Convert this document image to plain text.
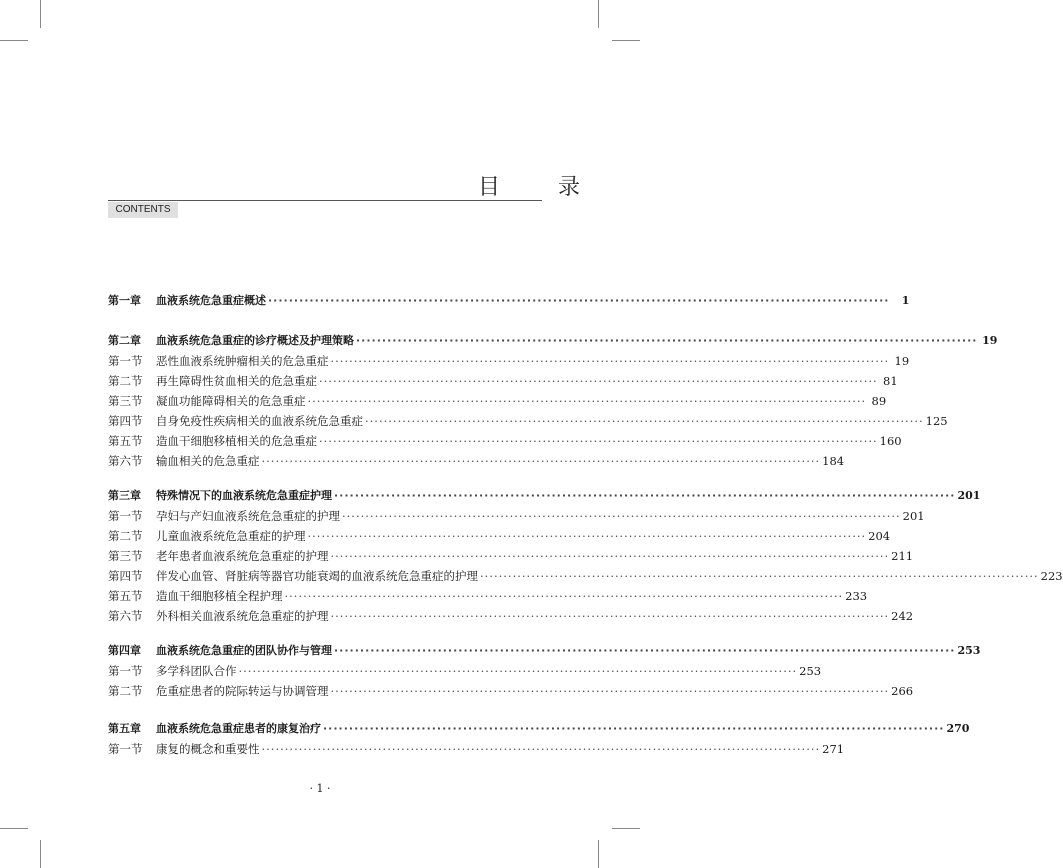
目　录
CONTENTS
第一章	血液系统危急重症概述 ························································································································	1
第二章	血液系统危急重症的诊疗概述及护理策略 ························································································································ 19
第一节	恶性血液系统肿瘤相关的危急重症 ························································································································ 19
第二节	再生障碍性贫血相关的危急重症 ························································································································ 81
第三节	凝血功能障碍相关的危急重症 ························································································································ 89
第四节	自身免疫性疾病相关的血液系统危急重症 ························································································································ 125
第五节	造血干细胞移植相关的危急重症 ························································································································ 160
第六节	输血相关的危急重症 ························································································································ 184
第三章	特殊情况下的血液系统危急重症护理 ························································································································ 201
第一节	孕妇与产妇血液系统危急重症的护理 ························································································································ 201
第二节	儿童血液系统危急重症的护理 ························································································································ 204
第三节	老年患者血液系统危急重症的护理 ························································································································ 211
第四节	伴发心血管、肾脏病等器官功能衰竭的血液系统危急重症的护理 ························································································································ 223
第五节	造血干细胞移植全程护理 ························································································································ 233
第六节	外科相关血液系统危急重症的护理 ························································································································ 242
第四章	血液系统危急重症的团队协作与管理 ························································································································ 253
第一节	多学科团队合作 ························································································································ 253
第二节	危重症患者的院际转运与协调管理 ························································································································ 266
第五章	血液系统危急重症患者的康复治疗 ························································································································ 270
第一节	康复的概念和重要性 ························································································································ 271
· 1 ·
